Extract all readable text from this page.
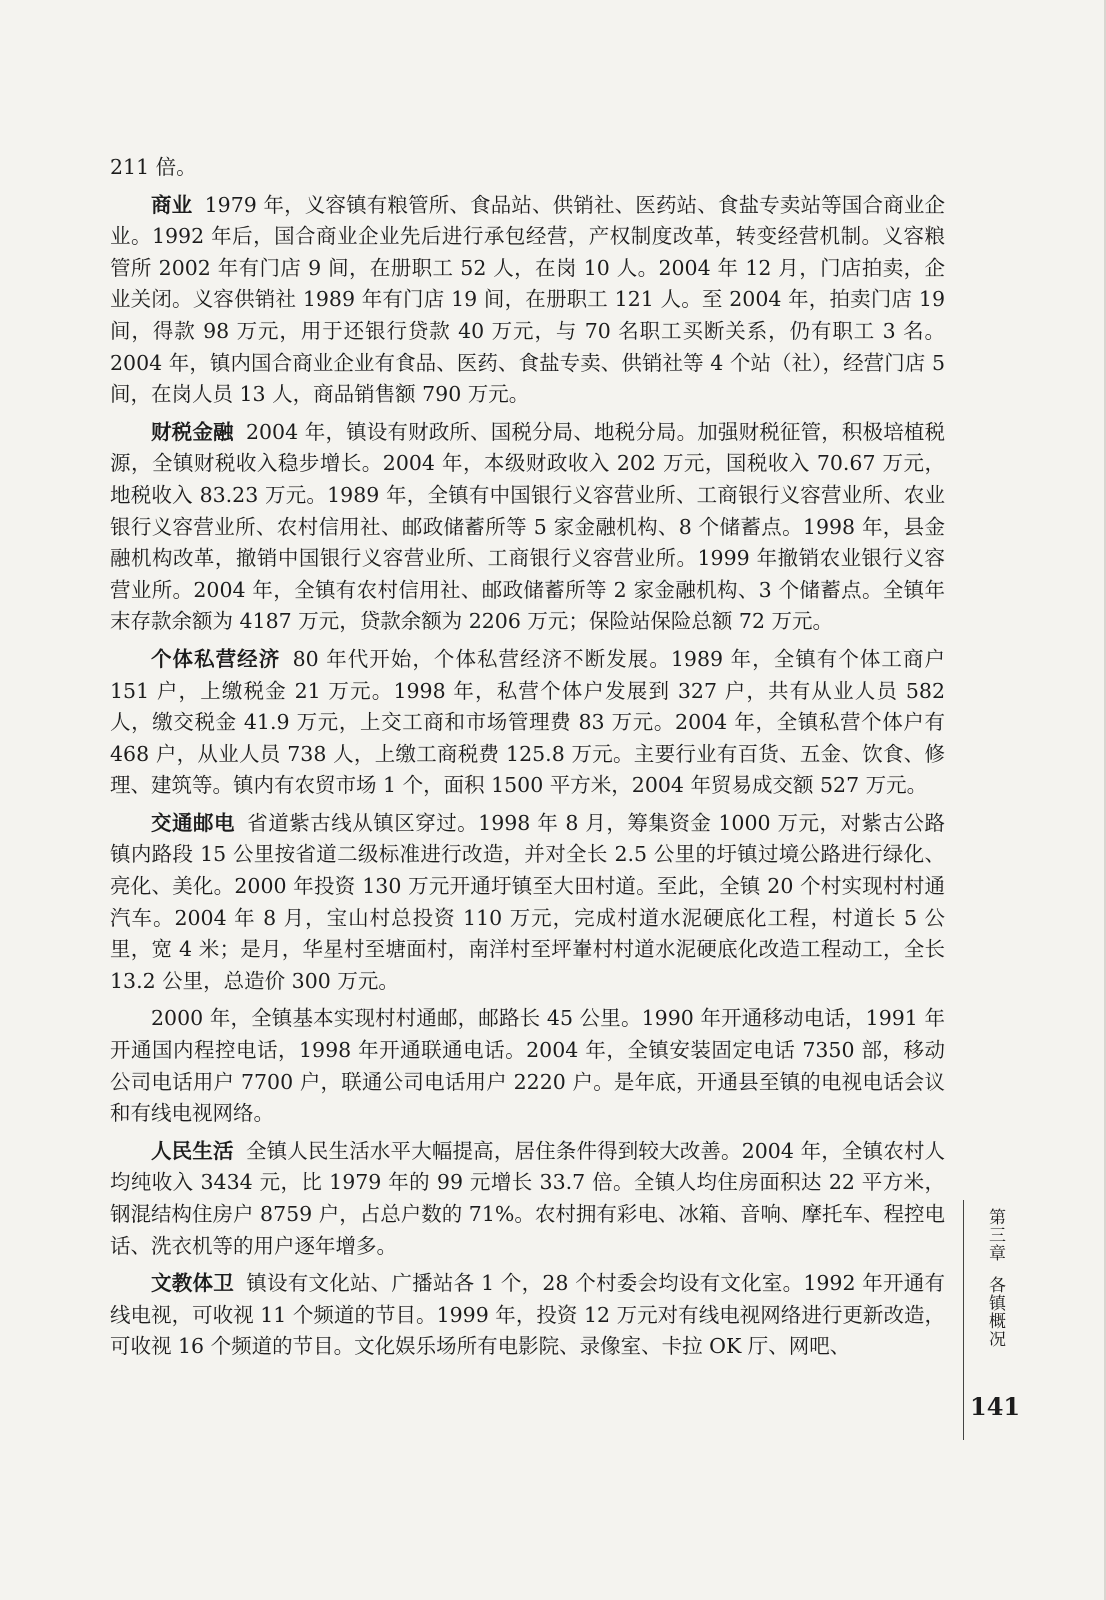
211 倍。

商业 1979 年，义容镇有粮管所、食品站、供销社、医药站、食盐专卖站等国合商业企业。1992 年后，国合商业企业先后进行承包经营，产权制度改革，转变经营机制。义容粮管所 2002 年有门店 9 间，在册职工 52 人，在岗 10 人。2004 年 12 月，门店拍卖，企业关闭。义容供销社 1989 年有门店 19 间，在册职工 121 人。至 2004 年，拍卖门店 19 间，得款 98 万元，用于还银行贷款 40 万元，与 70 名职工买断关系，仍有职工 3 名。2004 年，镇内国合商业企业有食品、医药、食盐专卖、供销社等 4 个站（社），经营门店 5 间，在岗人员 13 人，商品销售额 790 万元。

财税金融 2004 年，镇设有财政所、国税分局、地税分局。加强财税征管，积极培植税源，全镇财税收入稳步增长。2004 年，本级财政收入 202 万元，国税收入 70.67 万元，地税收入 83.23 万元。1989 年，全镇有中国银行义容营业所、工商银行义容营业所、农业银行义容营业所、农村信用社、邮政储蓄所等 5 家金融机构、8 个储蓄点。1998 年，县金融机构改革，撤销中国银行义容营业所、工商银行义容营业所。1999 年撤销农业银行义容营业所。2004 年，全镇有农村信用社、邮政储蓄所等 2 家金融机构、3 个储蓄点。全镇年末存款余额为 4187 万元，贷款余额为 2206 万元；保险站保险总额 72 万元。

个体私营经济 80 年代开始，个体私营经济不断发展。1989 年，全镇有个体工商户 151 户，上缴税金 21 万元。1998 年，私营个体户发展到 327 户，共有从业人员 582 人，缴交税金 41.9 万元，上交工商和市场管理费 83 万元。2004 年，全镇私营个体户有 468 户，从业人员 738 人，上缴工商税费 125.8 万元。主要行业有百货、五金、饮食、修理、建筑等。镇内有农贸市场 1 个，面积 1500 平方米，2004 年贸易成交额 527 万元。

交通邮电 省道紫古线从镇区穿过。1998 年 8 月，筹集资金 1000 万元，对紫古公路镇内路段 15 公里按省道二级标准进行改造，并对全长 2.5 公里的圩镇过境公路进行绿化、亮化、美化。2000 年投资 130 万元开通圩镇至大田村道。至此，全镇 20 个村实现村村通汽车。2004 年 8 月，宝山村总投资 110 万元，完成村道水泥硬底化工程，村道长 5 公里，宽 4 米；是月，华星村至塘面村，南洋村至坪輋村村道水泥硬底化改造工程动工，全长 13.2 公里，总造价 300 万元。

2000 年，全镇基本实现村村通邮，邮路长 45 公里。1990 年开通移动电话，1991 年开通国内程控电话，1998 年开通联通电话。2004 年，全镇安装固定电话 7350 部，移动公司电话用户 7700 户，联通公司电话用户 2220 户。是年底，开通县至镇的电视电话会议和有线电视网络。

人民生活 全镇人民生活水平大幅提高，居住条件得到较大改善。2004 年，全镇农村人均纯收入 3434 元，比 1979 年的 99 元增长 33.7 倍。全镇人均住房面积达 22 平方米，钢混结构住房户 8759 户，占总户数的 71%。农村拥有彩电、冰箱、音响、摩托车、程控电话、洗衣机等的用户逐年增多。

文教体卫 镇设有文化站、广播站各 1 个，28 个村委会均设有文化室。1992 年开通有线电视，可收视 11 个频道的节目。1999 年，投资 12 万元对有线电视网络进行更新改造，可收视 16 个频道的节目。文化娱乐场所有电影院、录像室、卡拉 OK 厅、网吧、

第三章各镇概况
141
